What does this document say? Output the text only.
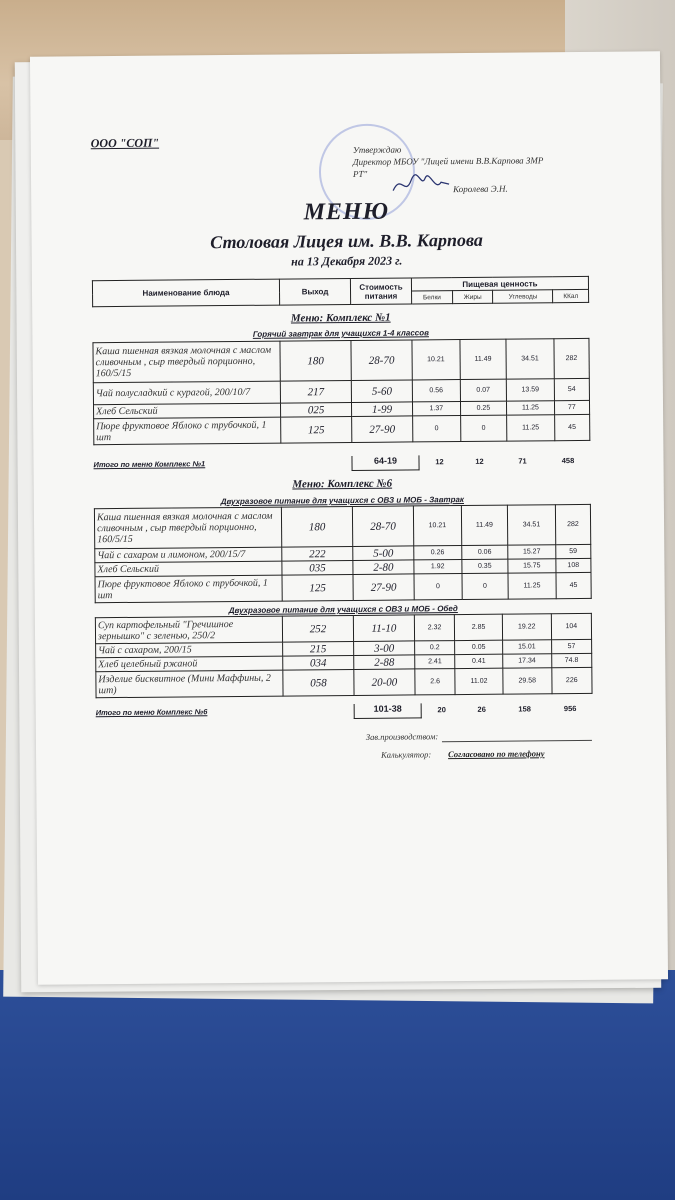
ООО "СОП"	Утверждаю
Директор МБОУ "Лицей имени В.В.Карпова ЗМР
РТ"
Королева Э.Н.
МЕНЮ
Столовая Лицея им. В.В. Карпова
на 13 Декабря 2023 г.
Наименование блюда	Выход	Стоимость питания	Пищевая ценность			
			Белки	Жиры	Углеводы	ККал
Меню: Комплекс №1
Горячий завтрак для учащихся 1-4 классов
Каша пшенная вязкая молочная с маслом сливочным , сыр твердый порционно, 160/5/15	180	28-70	10.21	11.49	34.51	282
Чай полусладкий с курагой, 200/10/7	217	5-60	0.56	0.07	13.59	54
Хлеб Сельский	025	1-99	1.37	0.25	11.25	77
Пюре фруктовое Яблоко с трубочкой, 1 шт	125	27-90	0	0	11.25	45
Итого по меню Комплекс №1	64-19	12	12	71	458
Меню: Комплекс №6
Двухразовое питание для учащихся с ОВЗ и МОБ - Завтрак
Каша пшенная вязкая молочная с маслом сливочным , сыр твердый порционно, 160/5/15	180	28-70	10.21	11.49	34.51	282
Чай с сахаром и лимоном, 200/15/7	222	5-00	0.26	0.06	15.27	59
Хлеб Сельский	035	2-80	1.92	0.35	15.75	108
Пюре фруктовое Яблоко с трубочкой, 1 шт	125	27-90	0	0	11.25	45
Двухразовое питание для учащихся с ОВЗ и МОБ - Обед
Суп картофельный "Гречишное зернышко" с зеленью, 250/2	252	11-10	2.32	2.85	19.22	104
Чай с сахаром, 200/15	215	3-00	0.2	0.05	15.01	57
Хлеб целебный ржаной	034	2-88	2.41	0.41	17.34	74.8
Изделие бисквитное (Мини Маффины, 2 шт)	058	20-00	2.6	11.02	29.58	226
Итого по меню Комплекс №6	101-38	20	26	158	956
Зав.производством:
Калькулятор: Согласовано по телефону
